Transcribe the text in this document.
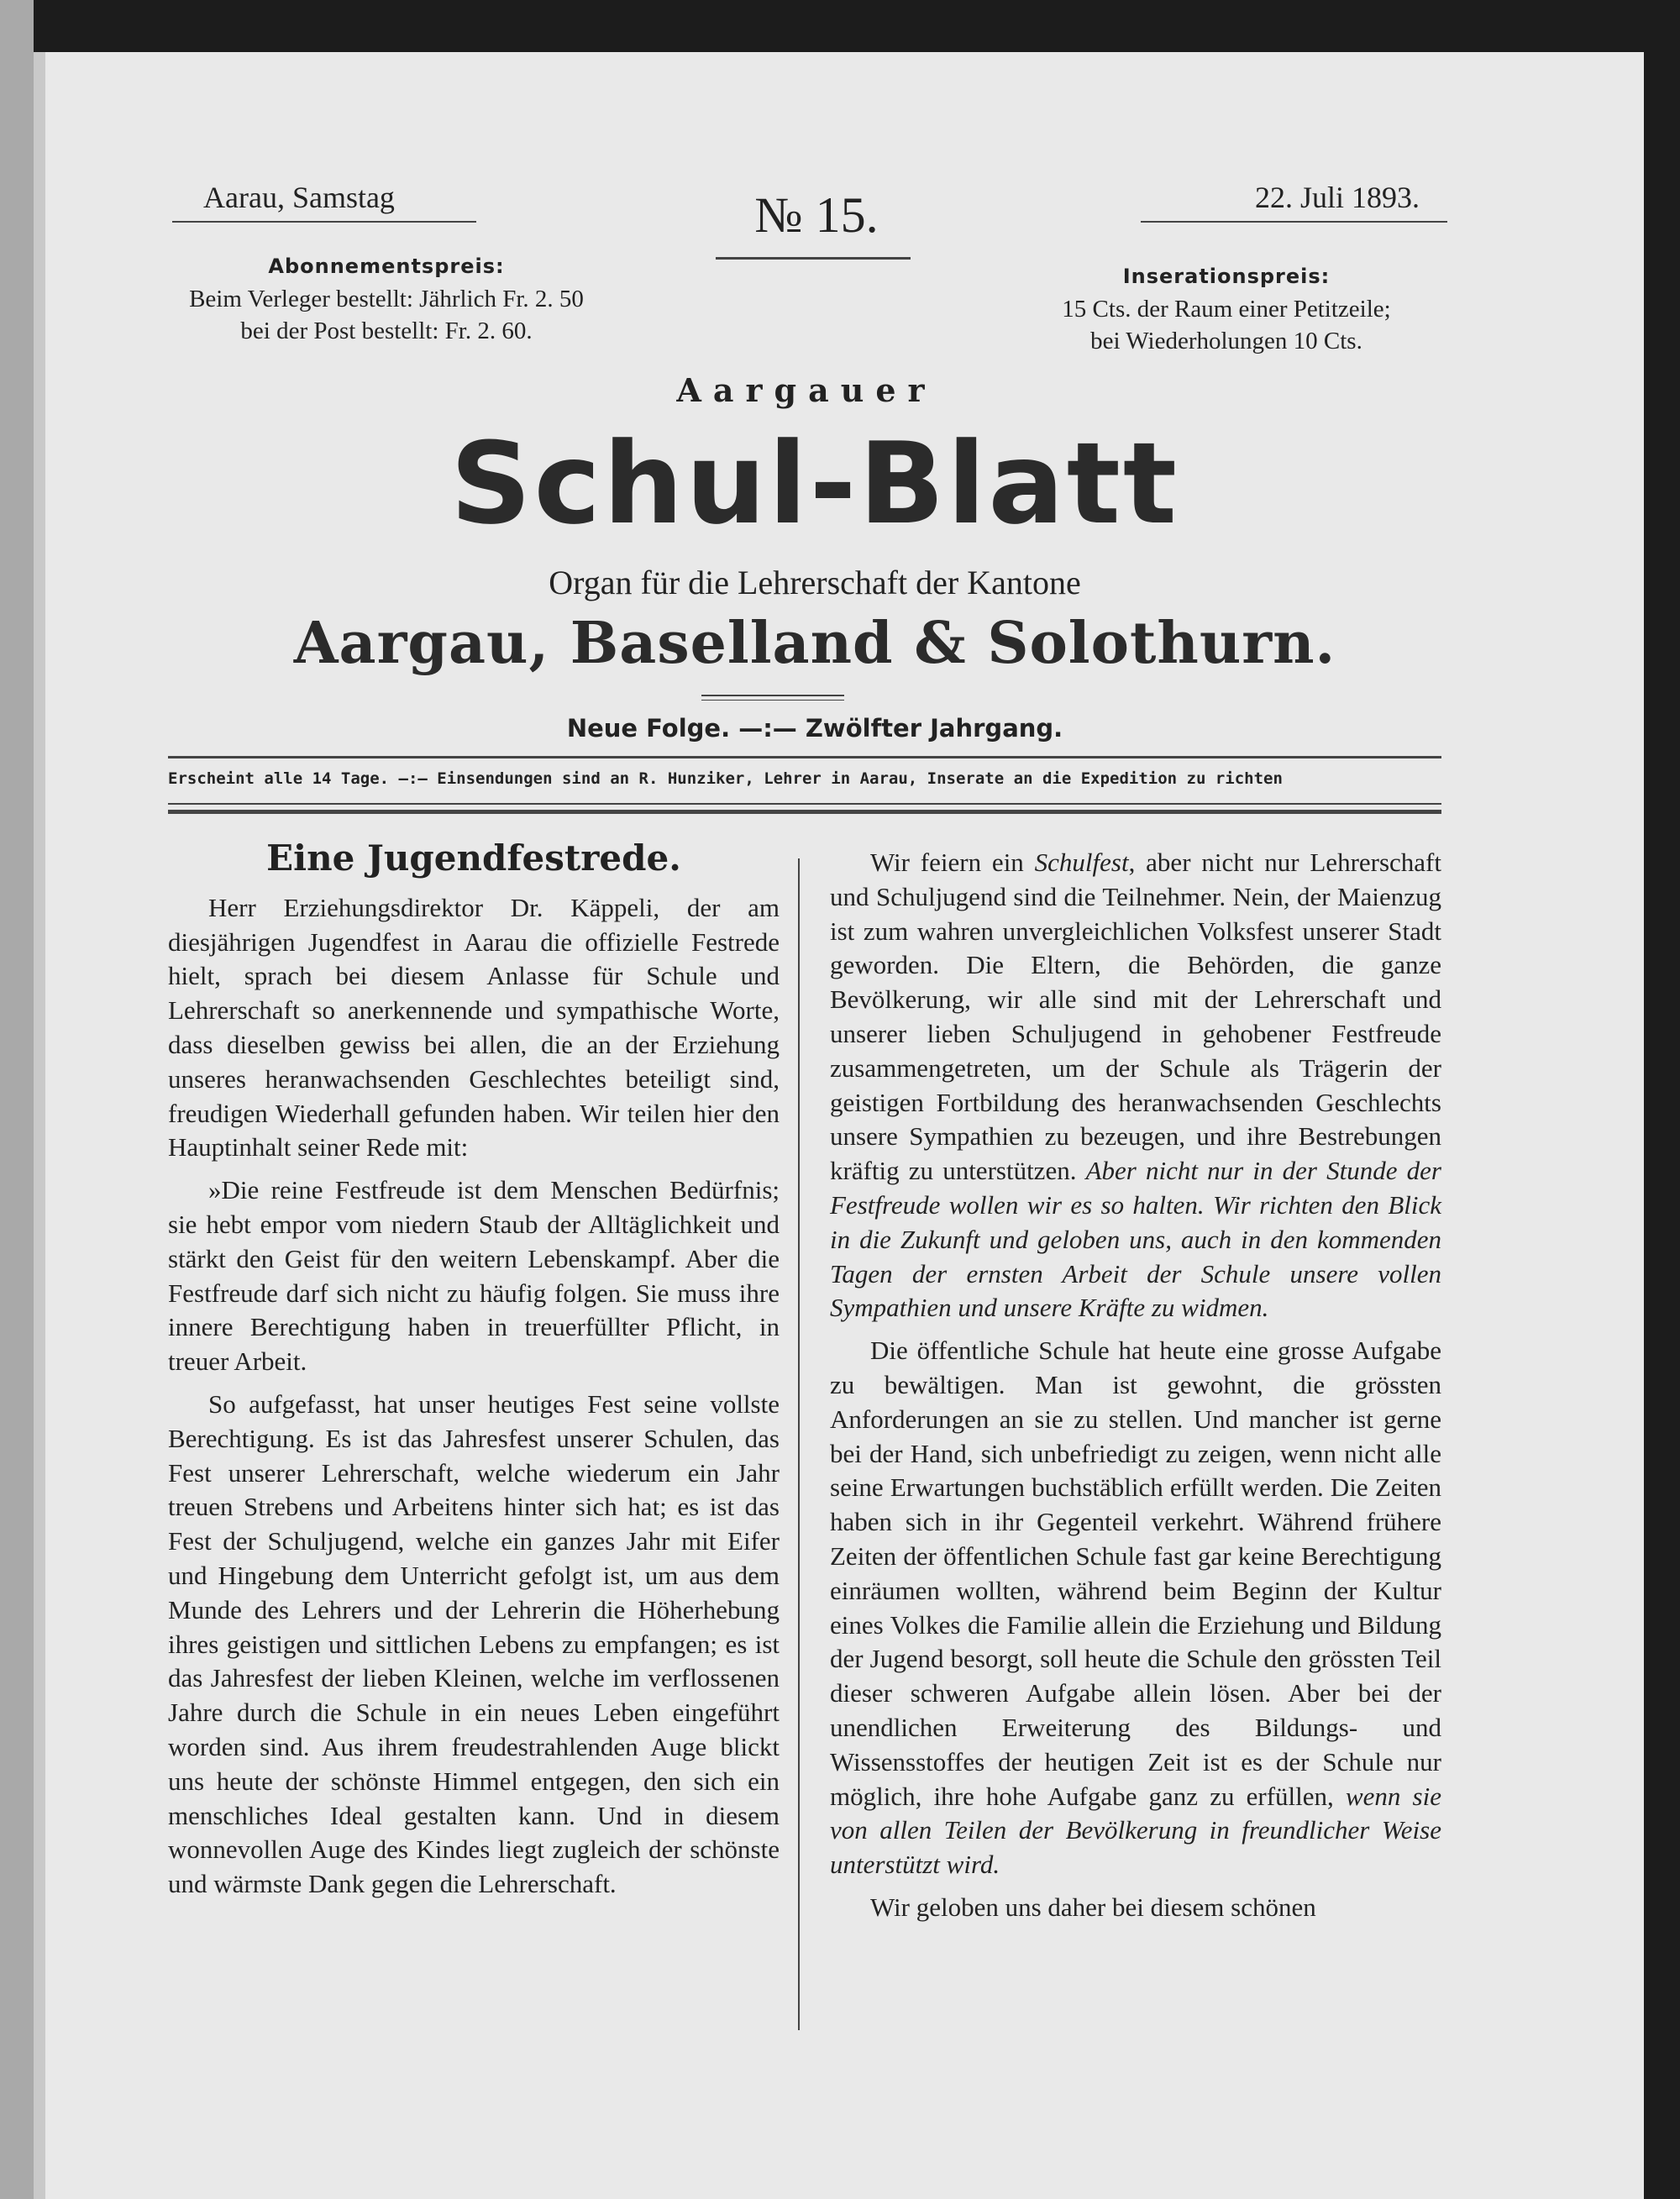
Aarau, Samstag	№ 15.	22. Juli 1893.
Abonnementspreis:
Beim Verleger bestellt: Jährlich Fr. 2. 50
bei der Post bestellt: Fr. 2. 60.
Inserationspreis:
15 Cts. der Raum einer Petitzeile;
bei Wiederholungen 10 Cts.
Aargauer
Schul-Blatt
Organ für die Lehrerschaft der Kantone
Aargau, Baselland & Solothurn.
Neue Folge. —:— Zwölfter Jahrgang.
Erscheint alle 14 Tage. —:— Einsendungen sind an R. Hunziker, Lehrer in Aarau, Inserate an die Expedition zu richten
Eine Jugendfestrede.

Herr Erziehungsdirektor Dr. Käppeli, der am diesjährigen Jugendfest in Aarau die offizielle Festrede hielt, sprach bei diesem Anlasse für Schule und Lehrerschaft so anerkennende und sympathische Worte, dass dieselben gewiss bei allen, die an der Erziehung unseres heranwachsenden Geschlechtes beteiligt sind, freudigen Wiederhall gefunden haben. Wir teilen hier den Hauptinhalt seiner Rede mit:

»Die reine Festfreude ist dem Menschen Bedürfnis; sie hebt empor vom niedern Staub der Alltäglichkeit und stärkt den Geist für den weitern Lebenskampf. Aber die Festfreude darf sich nicht zu häufig folgen. Sie muss ihre innere Berechtigung haben in treuerfüllter Pflicht, in treuer Arbeit.

So aufgefasst, hat unser heutiges Fest seine vollste Berechtigung. Es ist das Jahresfest unserer Schulen, das Fest unserer Lehrerschaft, welche wiederum ein Jahr treuen Strebens und Arbeitens hinter sich hat; es ist das Fest der Schuljugend, welche ein ganzes Jahr mit Eifer und Hingebung dem Unterricht gefolgt ist, um aus dem Munde des Lehrers und der Lehrerin die Höherhebung ihres geistigen und sittlichen Lebens zu empfangen; es ist das Jahresfest der lieben Kleinen, welche im verflossenen Jahre durch die Schule in ein neues Leben eingeführt worden sind. Aus ihrem freudestrahlenden Auge blickt uns heute der schönste Himmel entgegen, den sich ein menschliches Ideal gestalten kann. Und in diesem wonnevollen Auge des Kindes liegt zugleich der schönste und wärmste Dank gegen die Lehrerschaft.

Wir feiern ein Schulfest, aber nicht nur Lehrerschaft und Schuljugend sind die Teilnehmer. Nein, der Maienzug ist zum wahren unvergleichlichen Volksfest unserer Stadt geworden. Die Eltern, die Behörden, die ganze Bevölkerung, wir alle sind mit der Lehrerschaft und unserer lieben Schuljugend in gehobener Festfreude zusammengetreten, um der Schule als Trägerin der geistigen Fortbildung des heranwachsenden Geschlechts unsere Sympathien zu bezeugen, und ihre Bestrebungen kräftig zu unterstützen. Aber nicht nur in der Stunde der Festfreude wollen wir es so halten. Wir richten den Blick in die Zukunft und geloben uns, auch in den kommenden Tagen der ernsten Arbeit der Schule unsere vollen Sympathien und unsere Kräfte zu widmen.

Die öffentliche Schule hat heute eine grosse Aufgabe zu bewältigen. Man ist gewohnt, die grössten Anforderungen an sie zu stellen. Und mancher ist gerne bei der Hand, sich unbefriedigt zu zeigen, wenn nicht alle seine Erwartungen buchstäblich erfüllt werden. Die Zeiten haben sich in ihr Gegenteil verkehrt. Während frühere Zeiten der öffentlichen Schule fast gar keine Berechtigung einräumen wollten, während beim Beginn der Kultur eines Volkes die Familie allein die Erziehung und Bildung der Jugend besorgt, soll heute die Schule den grössten Teil dieser schweren Aufgabe allein lösen. Aber bei der unendlichen Erweiterung des Bildungs- und Wissensstoffes der heutigen Zeit ist es der Schule nur möglich, ihre hohe Aufgabe ganz zu erfüllen, wenn sie von allen Teilen der Bevölkerung in freundlicher Weise unterstützt wird.

Wir geloben uns daher bei diesem schönen
